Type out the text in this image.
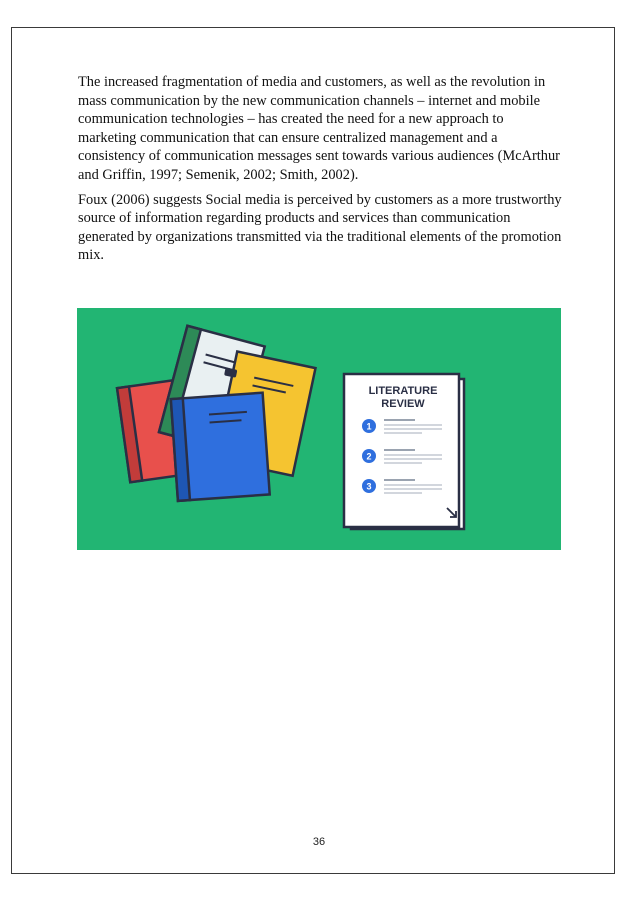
The increased fragmentation of media and customers, as well as the revolution in mass communication by the new communication channels – internet and mobile communication technologies – has created the need for a new approach to marketing communication that can ensure centralized management and a consistency of communication messages sent towards various audiences (McArthur and Griffin, 1997; Semenik, 2002; Smith, 2002).

Foux (2006) suggests Social media is perceived by customers as a more trustworthy source of information regarding products and services than communication generated by organizations transmitted via the traditional elements of the promotion mix.

LITERATURE
REVIEW
1
2
3
36
